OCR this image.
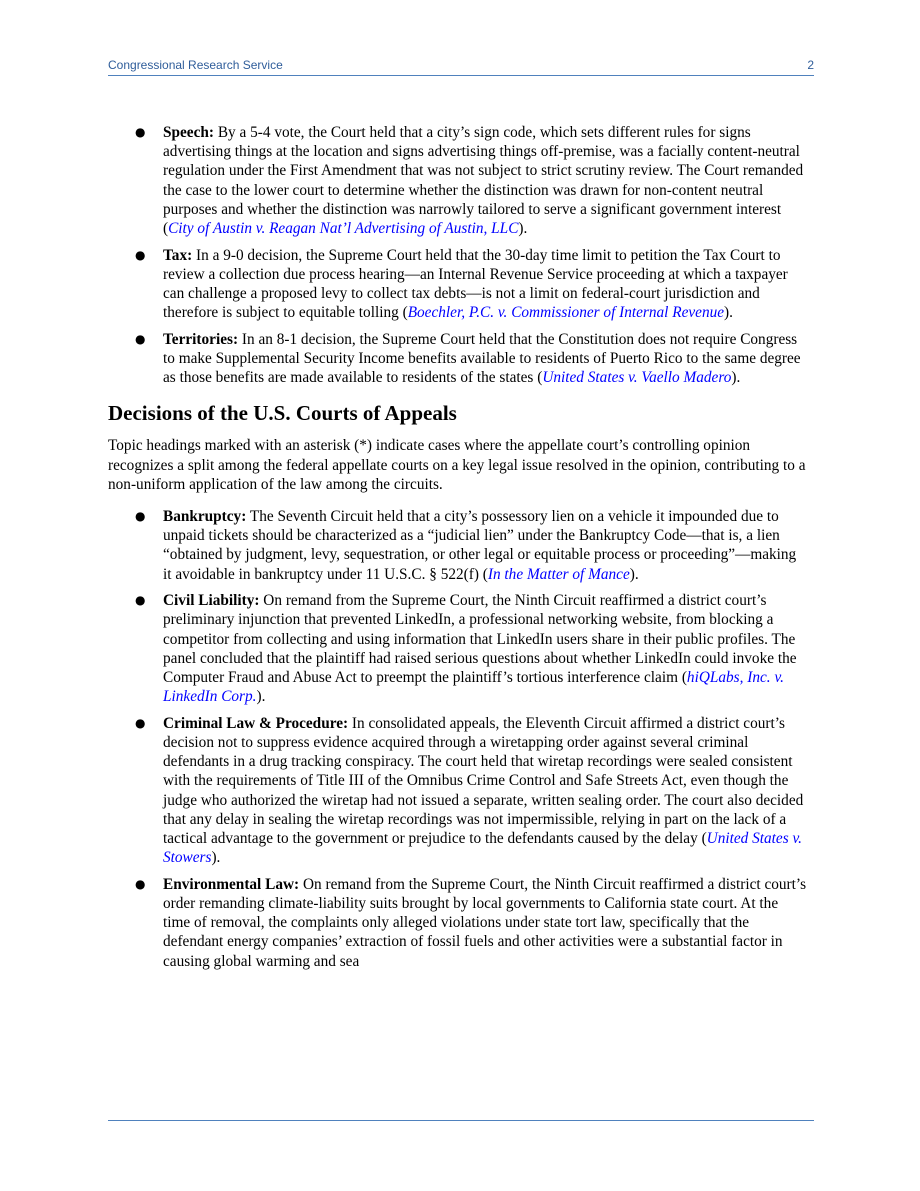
Congressional Research Service	2
● Speech: By a 5-4 vote, the Court held that a city’s sign code, which sets different rules for signs advertising things at the location and signs advertising things off-premise, was a facially content-neutral regulation under the First Amendment that was not subject to strict scrutiny review. The Court remanded the case to the lower court to determine whether the distinction was drawn for non-content neutral purposes and whether the distinction was narrowly tailored to serve a significant government interest (City of Austin v. Reagan Nat’l Advertising of Austin, LLC).
● Tax: In a 9-0 decision, the Supreme Court held that the 30-day time limit to petition the Tax Court to review a collection due process hearing—an Internal Revenue Service proceeding at which a taxpayer can challenge a proposed levy to collect tax debts—is not a limit on federal-court jurisdiction and therefore is subject to equitable tolling (Boechler, P.C. v. Commissioner of Internal Revenue).
● Territories: In an 8-1 decision, the Supreme Court held that the Constitution does not require Congress to make Supplemental Security Income benefits available to residents of Puerto Rico to the same degree as those benefits are made available to residents of the states (United States v. Vaello Madero).
Decisions of the U.S. Courts of Appeals

Topic headings marked with an asterisk (*) indicate cases where the appellate court’s controlling opinion recognizes a split among the federal appellate courts on a key legal issue resolved in the opinion, contributing to a non-uniform application of the law among the circuits.

● Bankruptcy: The Seventh Circuit held that a city’s possessory lien on a vehicle it impounded due to unpaid tickets should be characterized as a “judicial lien” under the Bankruptcy Code—that is, a lien “obtained by judgment, levy, sequestration, or other legal or equitable process or proceeding”—making it avoidable in bankruptcy under 11 U.S.C. § 522(f) (In the Matter of Mance).
● Civil Liability: On remand from the Supreme Court, the Ninth Circuit reaffirmed a district court’s preliminary injunction that prevented LinkedIn, a professional networking website, from blocking a competitor from collecting and using information that LinkedIn users share in their public profiles. The panel concluded that the plaintiff had raised serious questions about whether LinkedIn could invoke the Computer Fraud and Abuse Act to preempt the plaintiff’s tortious interference claim (hiQLabs, Inc. v. LinkedIn Corp.).
● Criminal Law & Procedure: In consolidated appeals, the Eleventh Circuit affirmed a district court’s decision not to suppress evidence acquired through a wiretapping order against several criminal defendants in a drug tracking conspiracy. The court held that wiretap recordings were sealed consistent with the requirements of Title III of the Omnibus Crime Control and Safe Streets Act, even though the judge who authorized the wiretap had not issued a separate, written sealing order. The court also decided that any delay in sealing the wiretap recordings was not impermissible, relying in part on the lack of a tactical advantage to the government or prejudice to the defendants caused by the delay (United States v. Stowers).
● Environmental Law: On remand from the Supreme Court, the Ninth Circuit reaffirmed a district court’s order remanding climate-liability suits brought by local governments to California state court. At the time of removal, the complaints only alleged violations under state tort law, specifically that the defendant energy companies’ extraction of fossil fuels and other activities were a substantial factor in causing global warming and sea
